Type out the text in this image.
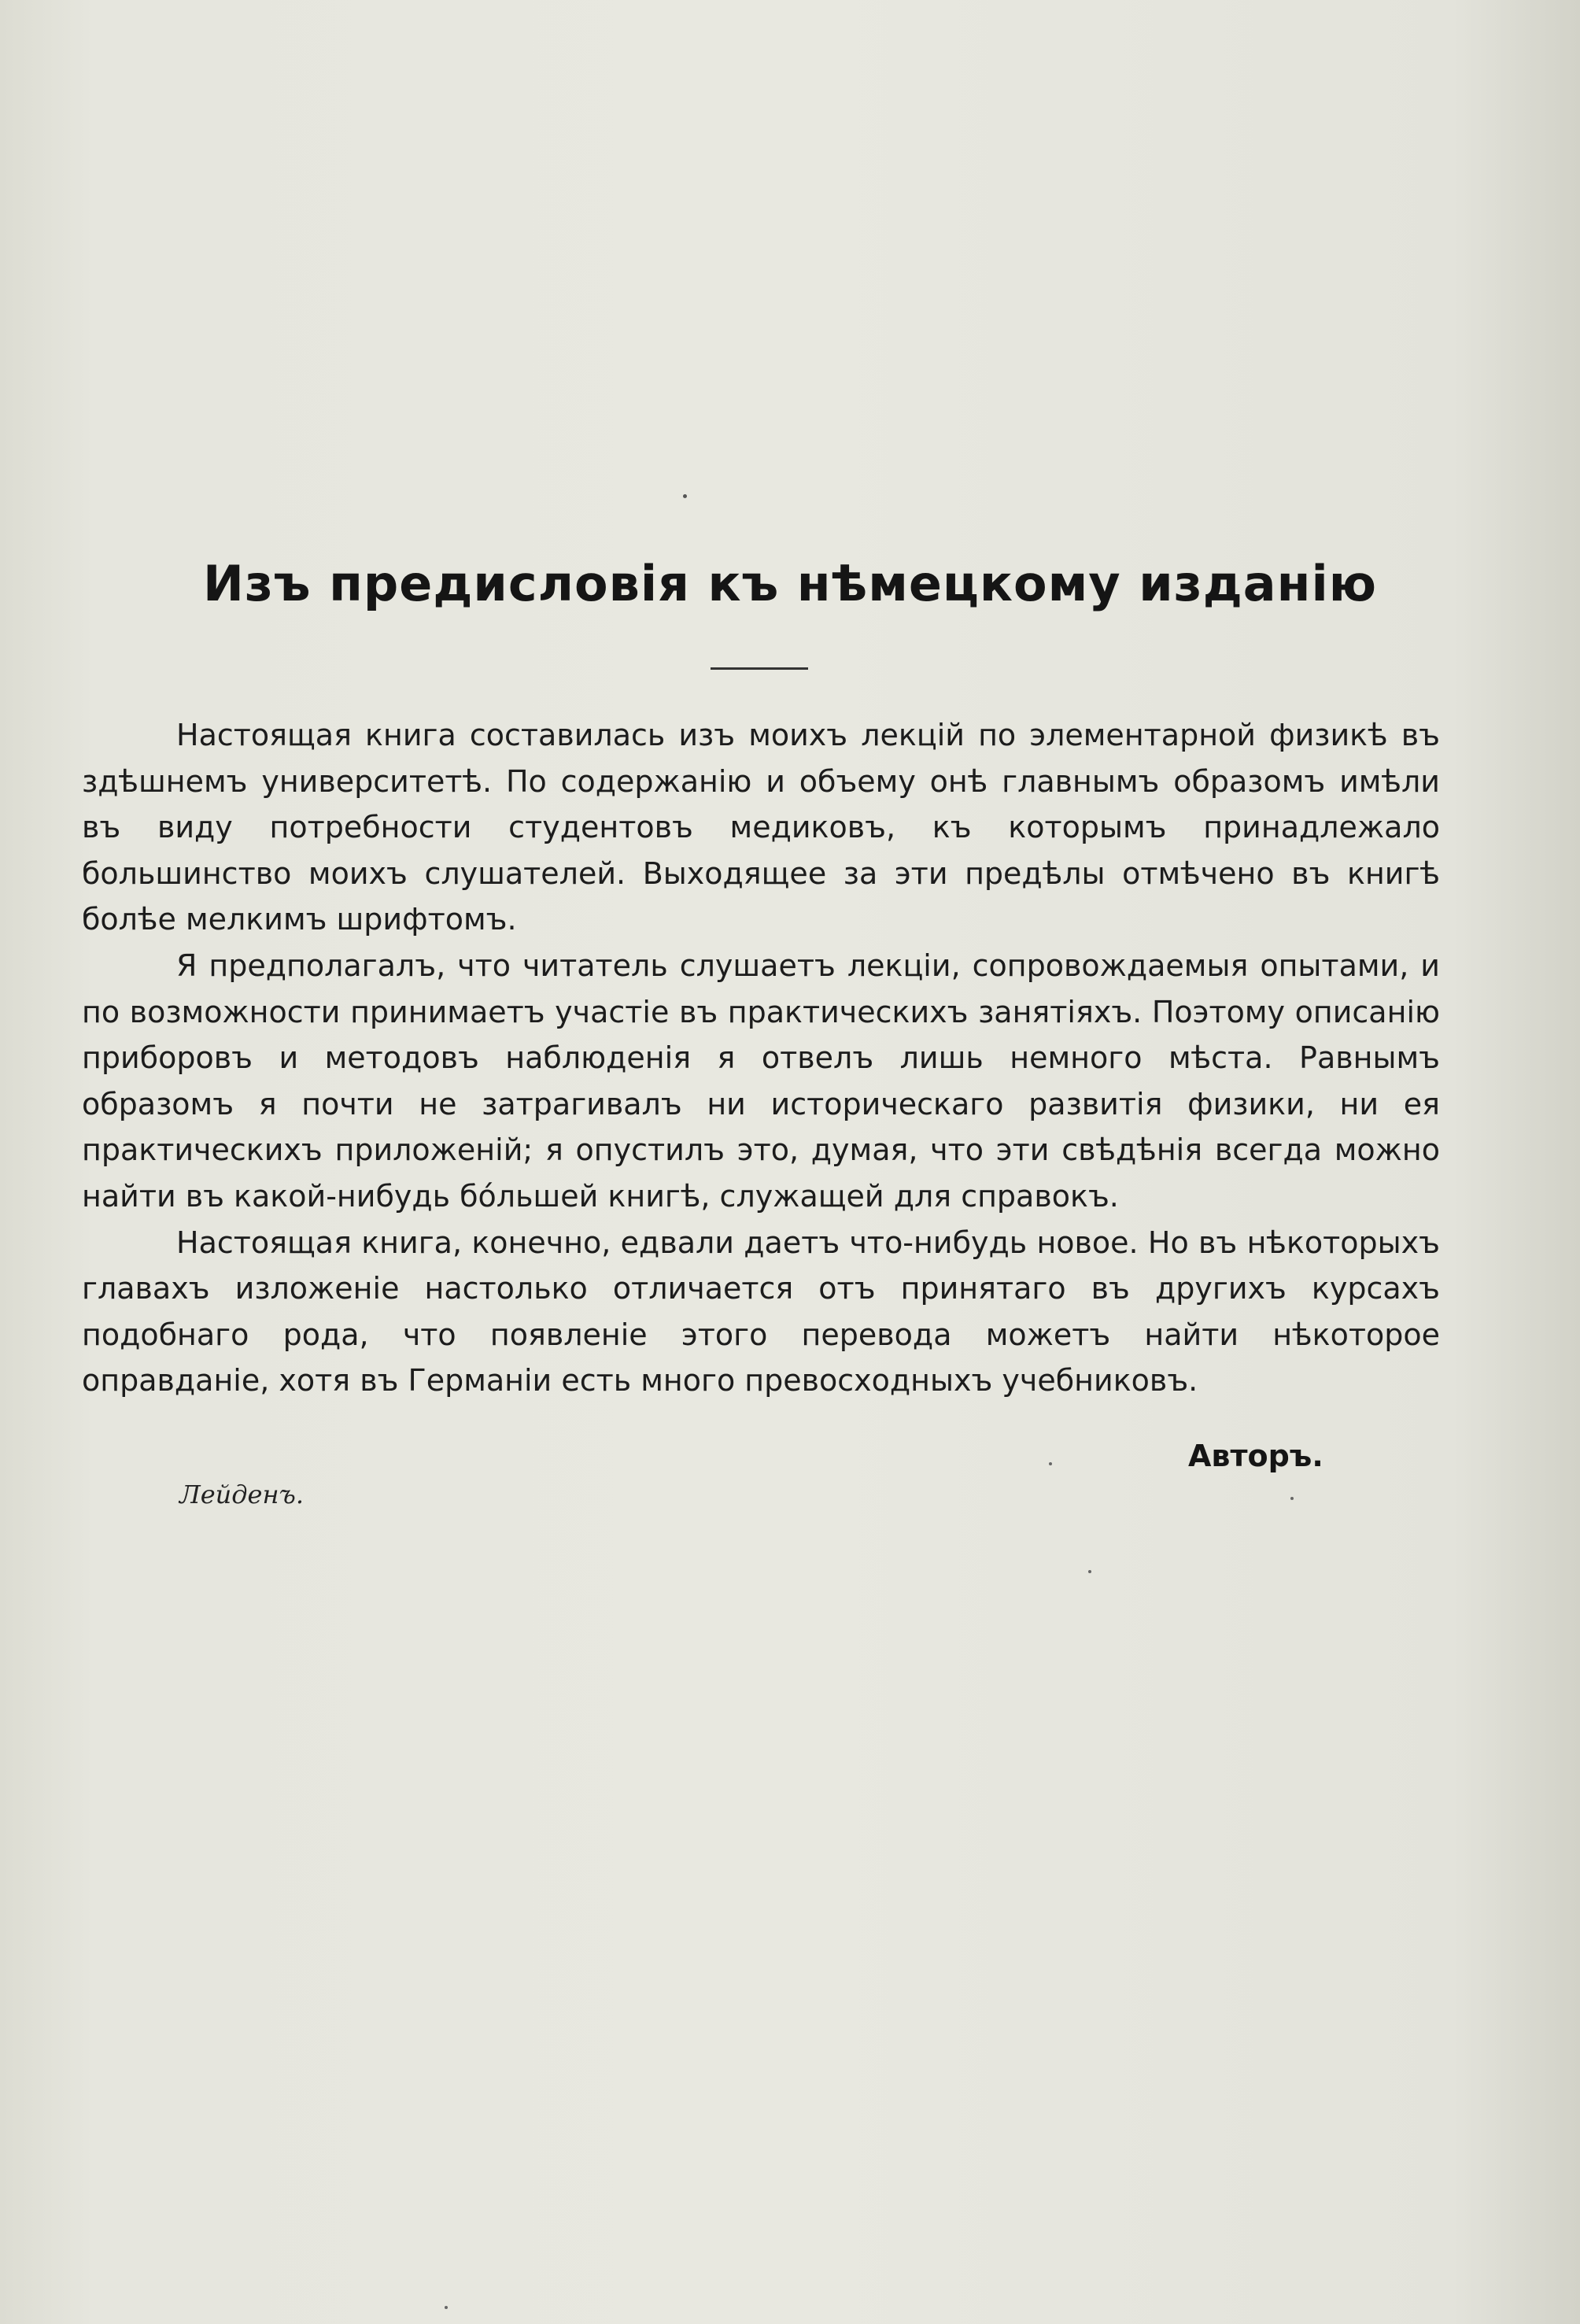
Изъ предисловія къ нѣмецкому изданію

Настоящая книга составилась изъ моихъ лекцій по элементарной физикѣ въ здѣшнемъ университетѣ. По содержанію и объему онѣ главнымъ образомъ имѣли въ виду потребности студентовъ медиковъ, къ которымъ принадлежало большинство моихъ слушателей. Выходящее за эти предѣлы отмѣчено въ книгѣ болѣе мелкимъ шрифтомъ.

Я предполагалъ, что читатель слушаетъ лекціи, сопровождаемыя опытами, и по возможности принимаетъ участіе въ практическихъ занятіяхъ. Поэтому описанію приборовъ и методовъ наблюденія я отвелъ лишь немного мѣста. Равнымъ образомъ я почти не затрагивалъ ни историческаго развитія физики, ни ея практическихъ приложеній; я опустилъ это, думая, что эти свѣдѣнія всегда можно найти въ какой-нибудь бóльшей книгѣ, служащей для справокъ.

Настоящая книга, конечно, едвали даетъ что-нибудь новое. Но въ нѣкоторыхъ главахъ изложеніе настолько отличается отъ принятаго въ другихъ курсахъ подобнаго рода, что появленіе этого перевода можетъ найти нѣкоторое оправданіе, хотя въ Германіи есть много превосходныхъ учебниковъ.

Авторъ.
Лейденъ.
